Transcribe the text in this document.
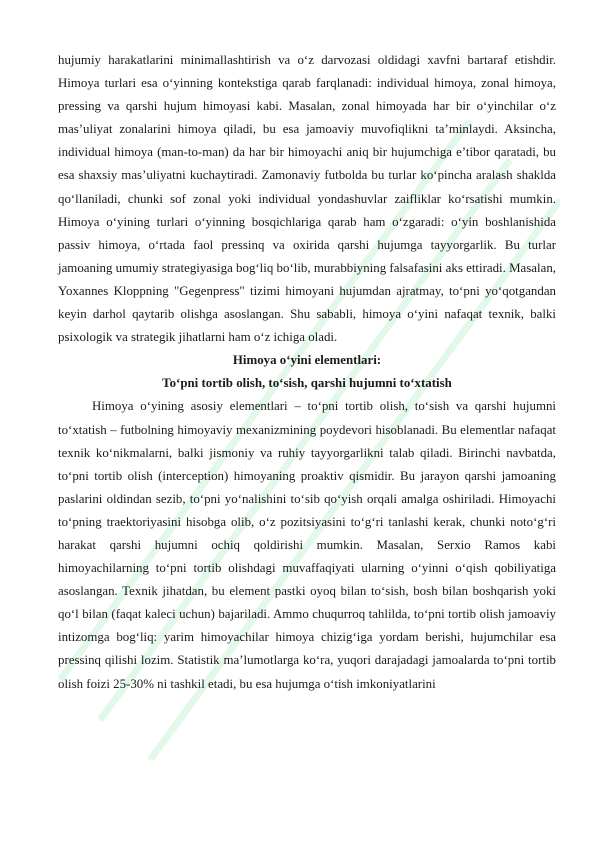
hujumiy harakatlarini minimallashtirish va o‘z darvozasi oldidagi xavfni bartaraf etishdir. Himoya turlari esa o‘yinning kontekstiga qarab farqlanadi: individual himoya, zonal himoya, pressing va qarshi hujum himoyasi kabi. Masalan, zonal himoyada har bir o‘yinchilar o‘z mas’uliyat zonalarini himoya qiladi, bu esa jamoaviy muvofiqlikni ta’minlaydi. Aksincha, individual himoya (man-to-man) da har bir himoyachi aniq bir hujumchiga e’tibor qaratadi, bu esa shaxsiy mas’uliyatni kuchaytiradi. Zamonaviy futbolda bu turlar ko‘pincha aralash shaklda qo‘llaniladi, chunki sof zonal yoki individual yondashuvlar zaifliklar ko‘rsatishi mumkin. Himoya o‘yining turlari o‘yinning bosqichlariga qarab ham o‘zgaradi: o‘yin boshlanishida passiv himoya, o‘rtada faol pressinq va oxirida qarshi hujumga tayyorgarlik. Bu turlar jamoaning umumiy strategiyasiga bog‘liq bo‘lib, murabbiyning falsafasini aks ettiradi. Masalan, Yoxannes Kloppning "Gegenpress" tizimi himoyani hujumdan ajratmay, to‘pni yo‘qotgandan keyin darhol qaytarib olishga asoslangan. Shu sababli, himoya o‘yini nafaqat texnik, balki psixologik va strategik jihatlarni ham o‘z ichiga oladi.

Himoya o‘yini elementlari:

To‘pni tortib olish, to‘sish, qarshi hujumni to‘xtatish

Himoya o‘yining asosiy elementlari – to‘pni tortib olish, to‘sish va qarshi hujumni to‘xtatish – futbolning himoyaviy mexanizmining poydevori hisoblanadi. Bu elementlar nafaqat texnik ko‘nikmalarni, balki jismoniy va ruhiy tayyorgarlikni talab qiladi. Birinchi navbatda, to‘pni tortib olish (interception) himoyaning proaktiv qismidir. Bu jarayon qarshi jamoaning paslarini oldindan sezib, to‘pni yo‘nalishini to‘sib qo‘yish orqali amalga oshiriladi. Himoyachi to‘pning traektoriyasini hisobga olib, o‘z pozitsiyasini to‘g‘ri tanlashi kerak, chunki noto‘g‘ri harakat qarshi hujumni ochiq qoldirishi mumkin. Masalan, Serxio Ramos kabi himoyachilarning to‘pni tortib olishdagi muvaffaqiyati ularning o‘yinni o‘qish qobiliyatiga asoslangan. Texnik jihatdan, bu element pastki oyoq bilan to‘sish, bosh bilan boshqarish yoki qo‘l bilan (faqat kaleci uchun) bajariladi. Ammo chuqurroq tahlilda, to‘pni tortib olish jamoaviy intizomga bog‘liq: yarim himoyachilar himoya chizig‘iga yordam berishi, hujumchilar esa pressinq qilishi lozim. Statistik ma’lumotlarga ko‘ra, yuqori darajadagi jamoalarda to‘pni tortib olish foizi 25-30% ni tashkil etadi, bu esa hujumga o‘tish imkoniyatlarini
